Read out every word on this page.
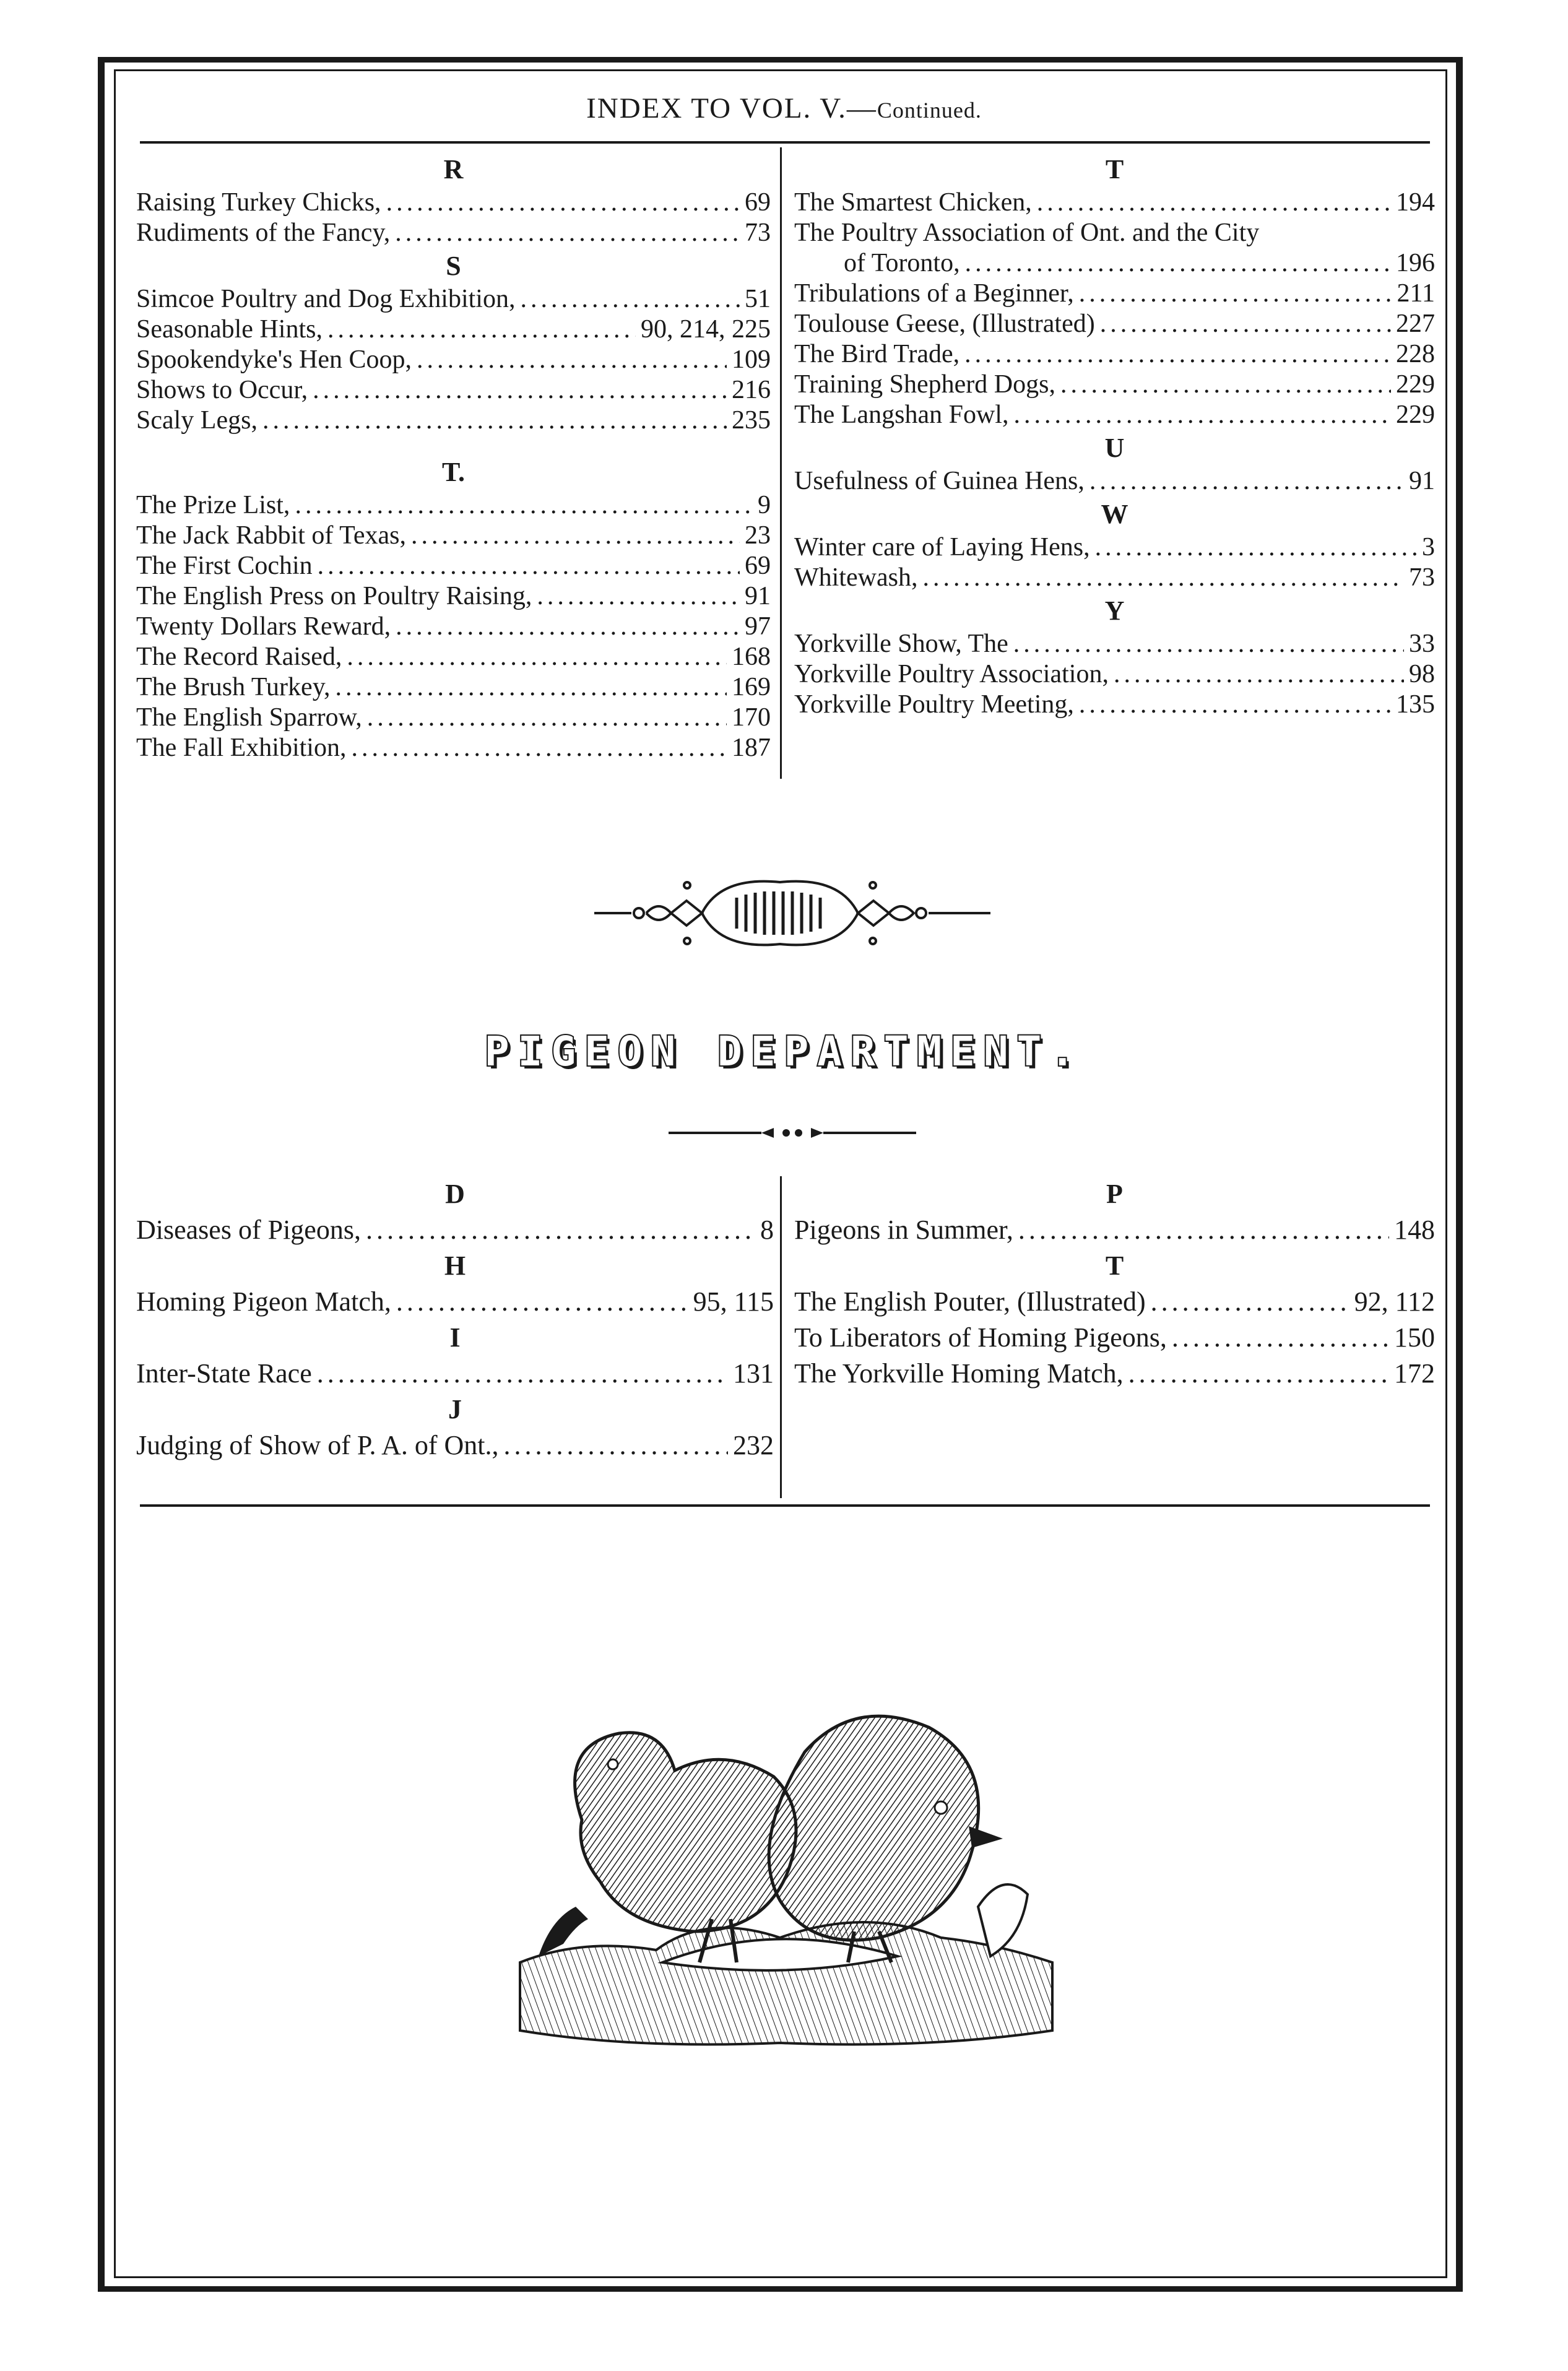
INDEX TO VOL. V.—Continued.
R
Raising Turkey Chicks, .....	69
Rudiments of the Fancy, .....	73
S
Simcoe Poultry and Dog Exhibition, .....	51
Seasonable Hints, .....	90, 214, 225
Spookendyke's Hen Coop, .....	109
Shows to Occur, .....	216
Scaly Legs, .....	235
T.
The Prize List, .....	9
The Jack Rabbit of Texas, .....	23
The First Cochin .....	69
The English Press on Poultry Raising, .....	91
Twenty Dollars Reward, .....	97
The Record Raised, .....	168
The Brush Turkey, .....	169
The English Sparrow, .....	170
The Fall Exhibition, .....	187
T
The Smartest Chicken, .....	194
The Poultry Association of Ont. and the City
of Toronto, .....	196
Tribulations of a Beginner, .....	211
Toulouse Geese, (Illustrated) .....	227
The Bird Trade, .....	228
Training Shepherd Dogs, .....	229
The Langshan Fowl, .....	229
U
Usefulness of Guinea Hens, .....	91
W
Winter care of Laying Hens, .....	3
Whitewash, .....	73
Y
Yorkville Show, The .....	33
Yorkville Poultry Association, .....	98
Yorkville Poultry Meeting, .....	135
PIGEON DEPARTMENT.
D
Diseases of Pigeons, .....	8
H
Homing Pigeon Match, .....	95, 115
I
Inter-State Race .....	131
J
Judging of Show of P. A. of Ont., .....	232
P
Pigeons in Summer, .....	148
T
The English Pouter, (Illustrated) .....	92, 112
To Liberators of Homing Pigeons, .....	150
The Yorkville Homing Match, .....	172
